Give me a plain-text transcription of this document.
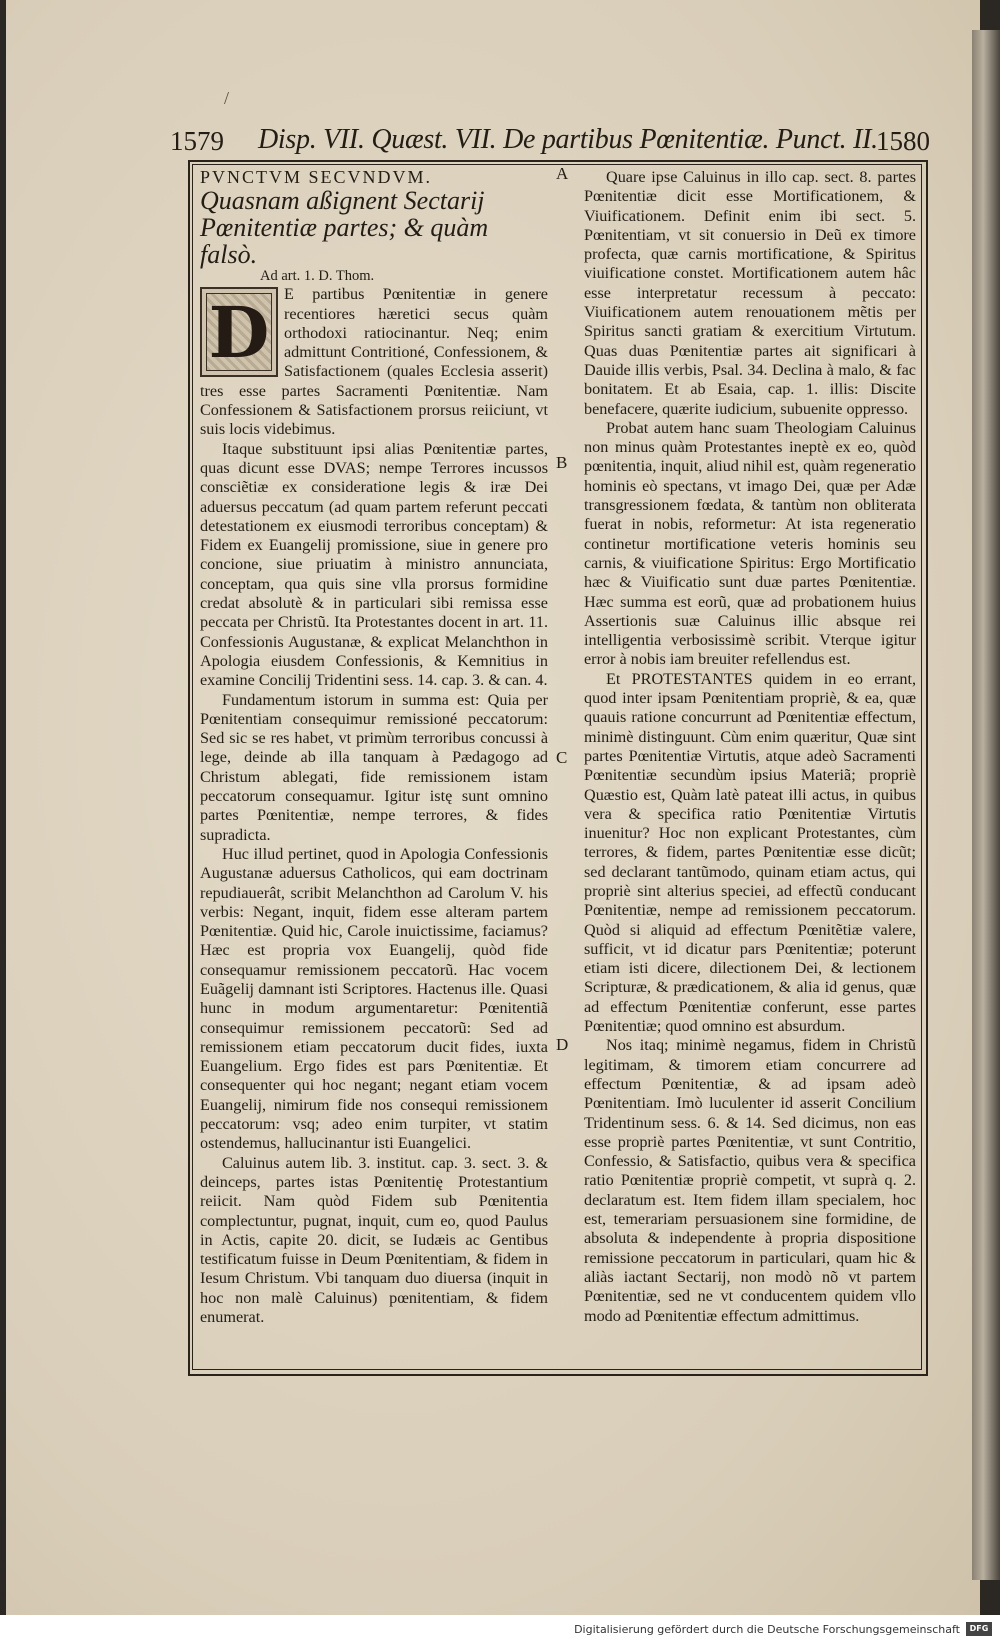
/
1579 Disp. VII. Quæst. VII. De partibus Pœnitentiæ. Punct. II.
1580
A
B
C
D

PVNCTVM SECVNDVM.

Quasnam aßignent Sectarij Pœnitentiæ partes; & quàm falsò.

Ad art. 1. D. Thom.

D E partibus Pœnitentiæ in genere recentiores hæretici secus quàm orthodoxi ratiocinantur. Neq; enim admittunt Contritioné, Confessionem, & Satisfactionem (quales Ecclesia asserit) tres esse partes Sacramenti Pœnitentiæ. Nam Confessionem & Satisfactionem prorsus reiiciunt, vt suis locis videbimus.

Itaque substituunt ipsi alias Pœnitentiæ partes, quas dicunt esse DVAS; nempe Terrores incussos consciẽtiæ ex consideratione legis & iræ Dei aduersus peccatum (ad quam partem referunt peccati detestationem ex eiusmodi terroribus conceptam) & Fidem ex Euangelij promissione, siue in genere pro concione, siue priuatim à ministro annunciata, conceptam, qua quis sine vlla prorsus formidine credat absolutè & in particulari sibi remissa esse peccata per Christũ. Ita Protestantes docent in art. 11. Confessionis Augustanæ, & explicat Melanchthon in Apologia eiusdem Confessionis, & Kemnitius in examine Concilij Tridentini sess. 14. cap. 3. & can. 4.

Fundamentum istorum in summa est: Quia per Pœnitentiam consequimur remissioné peccatorum: Sed sic se res habet, vt primùm terroribus concussi à lege, deinde ab illa tanquam à Pædagogo ad Christum ablegati, fide remissionem istam peccatorum consequamur. Igitur istę sunt omnino partes Pœnitentiæ, nempe terrores, & fides supradicta.

Huc illud pertinet, quod in Apologia Confessionis Augustanæ aduersus Catholicos, qui eam doctrinam repudiauerât, scribit Melanchthon ad Carolum V. his verbis: Negant, inquit, fidem esse alteram partem Pœnitentiæ. Quid hic, Carole inuictissime, faciamus? Hæc est propria vox Euangelij, quòd fide consequamur remissionem peccatorũ. Hac vocem Euãgelij damnant isti Scriptores. Hactenus ille. Quasi hunc in modum argumentaretur: Pœnitentiã consequimur remissionem peccatorũ: Sed ad remissionem etiam peccatorum ducit fides, iuxta Euangelium. Ergo fides est pars Pœnitentiæ. Et consequenter qui hoc negant; negant etiam vocem Euangelij, nimirum fide nos consequi remissionem peccatorum: vsq; adeo enim turpiter, vt statim ostendemus, hallucinantur isti Euangelici.

Caluinus autem lib. 3. institut. cap. 3. sect. 3. & deinceps, partes istas Pœnitentię Protestantium reiicit. Nam quòd Fidem sub Pœnitentia complectuntur, pugnat, inquit, cum eo, quod Paulus in Actis, capite 20. dicit, se Iudæis ac Gentibus testificatum fuisse in Deum Pœnitentiam, & fidem in Iesum Christum. Vbi tanquam duo diuersa (inquit in hoc non malè Caluinus) pœnitentiam, & fidem enumerat.

Quare ipse Caluinus in illo cap. sect. 8. partes Pœnitentiæ dicit esse Mortificationem, & Viuificationem. Definit enim ibi sect. 5. Pœnitentiam, vt sit conuersio in Deũ ex timore profecta, quæ carnis mortificatione, & Spiritus viuificatione constet. Mortificationem autem hâc esse interpretatur recessum à peccato: Viuificationem autem renouationem mẽtis per Spiritus sancti gratiam & exercitium Virtutum. Quas duas Pœnitentiæ partes ait significari à Dauide illis verbis, Psal. 34. Declina à malo, & fac bonitatem. Et ab Esaia, cap. 1. illis: Discite benefacere, quærite iudicium, subuenite oppresso.

Probat autem hanc suam Theologiam Caluinus non minus quàm Protestantes ineptè ex eo, quòd pœnitentia, inquit, aliud nihil est, quàm regeneratio hominis eò spectans, vt imago Dei, quæ per Adæ transgressionem fœdata, & tantùm non obliterata fuerat in nobis, reformetur: At ista regeneratio continetur mortificatione veteris hominis seu carnis, & viuificatione Spiritus: Ergo Mortificatio hæc & Viuificatio sunt duæ partes Pœnitentiæ. Hæc summa est eorũ, quæ ad probationem huius Assertionis suæ Caluinus illic absque rei intelligentia verbosissimè scribit. Vterque igitur error à nobis iam breuiter refellendus est.

Et PROTESTANTES quidem in eo errant, quod inter ipsam Pœnitentiam propriè, & ea, quæ quauis ratione concurrunt ad Pœnitentiæ effectum, minimè distinguunt. Cùm enim quæritur, Quæ sint partes Pœnitentiæ Virtutis, atque adeò Sacramenti Pœnitentiæ secundùm ipsius Materiã; propriè Quæstio est, Quàm latè pateat illi actus, in quibus vera & specifica ratio Pœnitentiæ Virtutis inuenitur? Hoc non explicant Protestantes, cùm terrores, & fidem, partes Pœnitentiæ esse dicũt; sed declarant tantũmodo, quinam etiam actus, qui propriè sint alterius speciei, ad effectũ conducant Pœnitentiæ, nempe ad remissionem peccatorum. Quòd si aliquid ad effectum Pœnitẽtiæ valere, sufficit, vt id dicatur pars Pœnitentiæ; poterunt etiam isti dicere, dilectionem Dei, & lectionem Scripturæ, & prædicationem, & alia id genus, quæ ad effectum Pœnitentiæ conferunt, esse partes Pœnitentiæ; quod omnino est absurdum.

Nos itaq; minimè negamus, fidem in Christũ legitimam, & timorem etiam concurrere ad effectum Pœnitentiæ, & ad ipsam adeò Pœnitentiam. Imò luculenter id asserit Concilium Tridentinum sess. 6. & 14. Sed dicimus, non eas esse propriè partes Pœnitentiæ, vt sunt Contritio, Confessio, & Satisfactio, quibus vera & specifica ratio Pœnitentiæ propriè competit, vt suprà q. 2. declaratum est. Item fidem illam specialem, hoc est, temerariam persuasionem sine formidine, de absoluta & independente à propria dispositione remissione peccatorum in particulari, quam hic & aliàs iactant Sectarij, non modò nõ vt partem Pœnitentiæ, sed ne vt conducentem quidem vllo modo ad Pœnitentiæ effectum admittimus.

Digitalisierung gefördert durch die Deutsche Forschungsgemeinschaft	DFG
